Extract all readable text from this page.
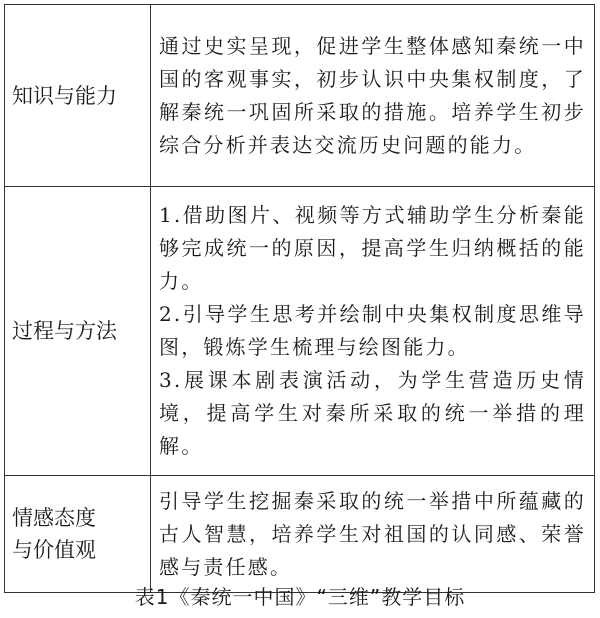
知识与能力	通过史实呈现，促进学生整体感知秦统一中国的客观事实，初步认识中央集权制度，了解秦统一巩固所采取的措施。培养学生初步综合分析并表达交流历史问题的能力。

过程与方法	1.借助图片、视频等方式辅助学生分析秦能够完成统一的原因，提高学生归纳概括的能力。
2.引导学生思考并绘制中央集权制度思维导图，锻炼学生梳理与绘图能力。
3.展课本剧表演活动，为学生营造历史情境，提高学生对秦所采取的统一举措的理解。

情感态度
与价值观	引导学生挖掘秦采取的统一举措中所蕴藏的古人智慧，培养学生对祖国的认同感、荣誉感与责任感。
表1《秦统一中国》“三维”教学目标
